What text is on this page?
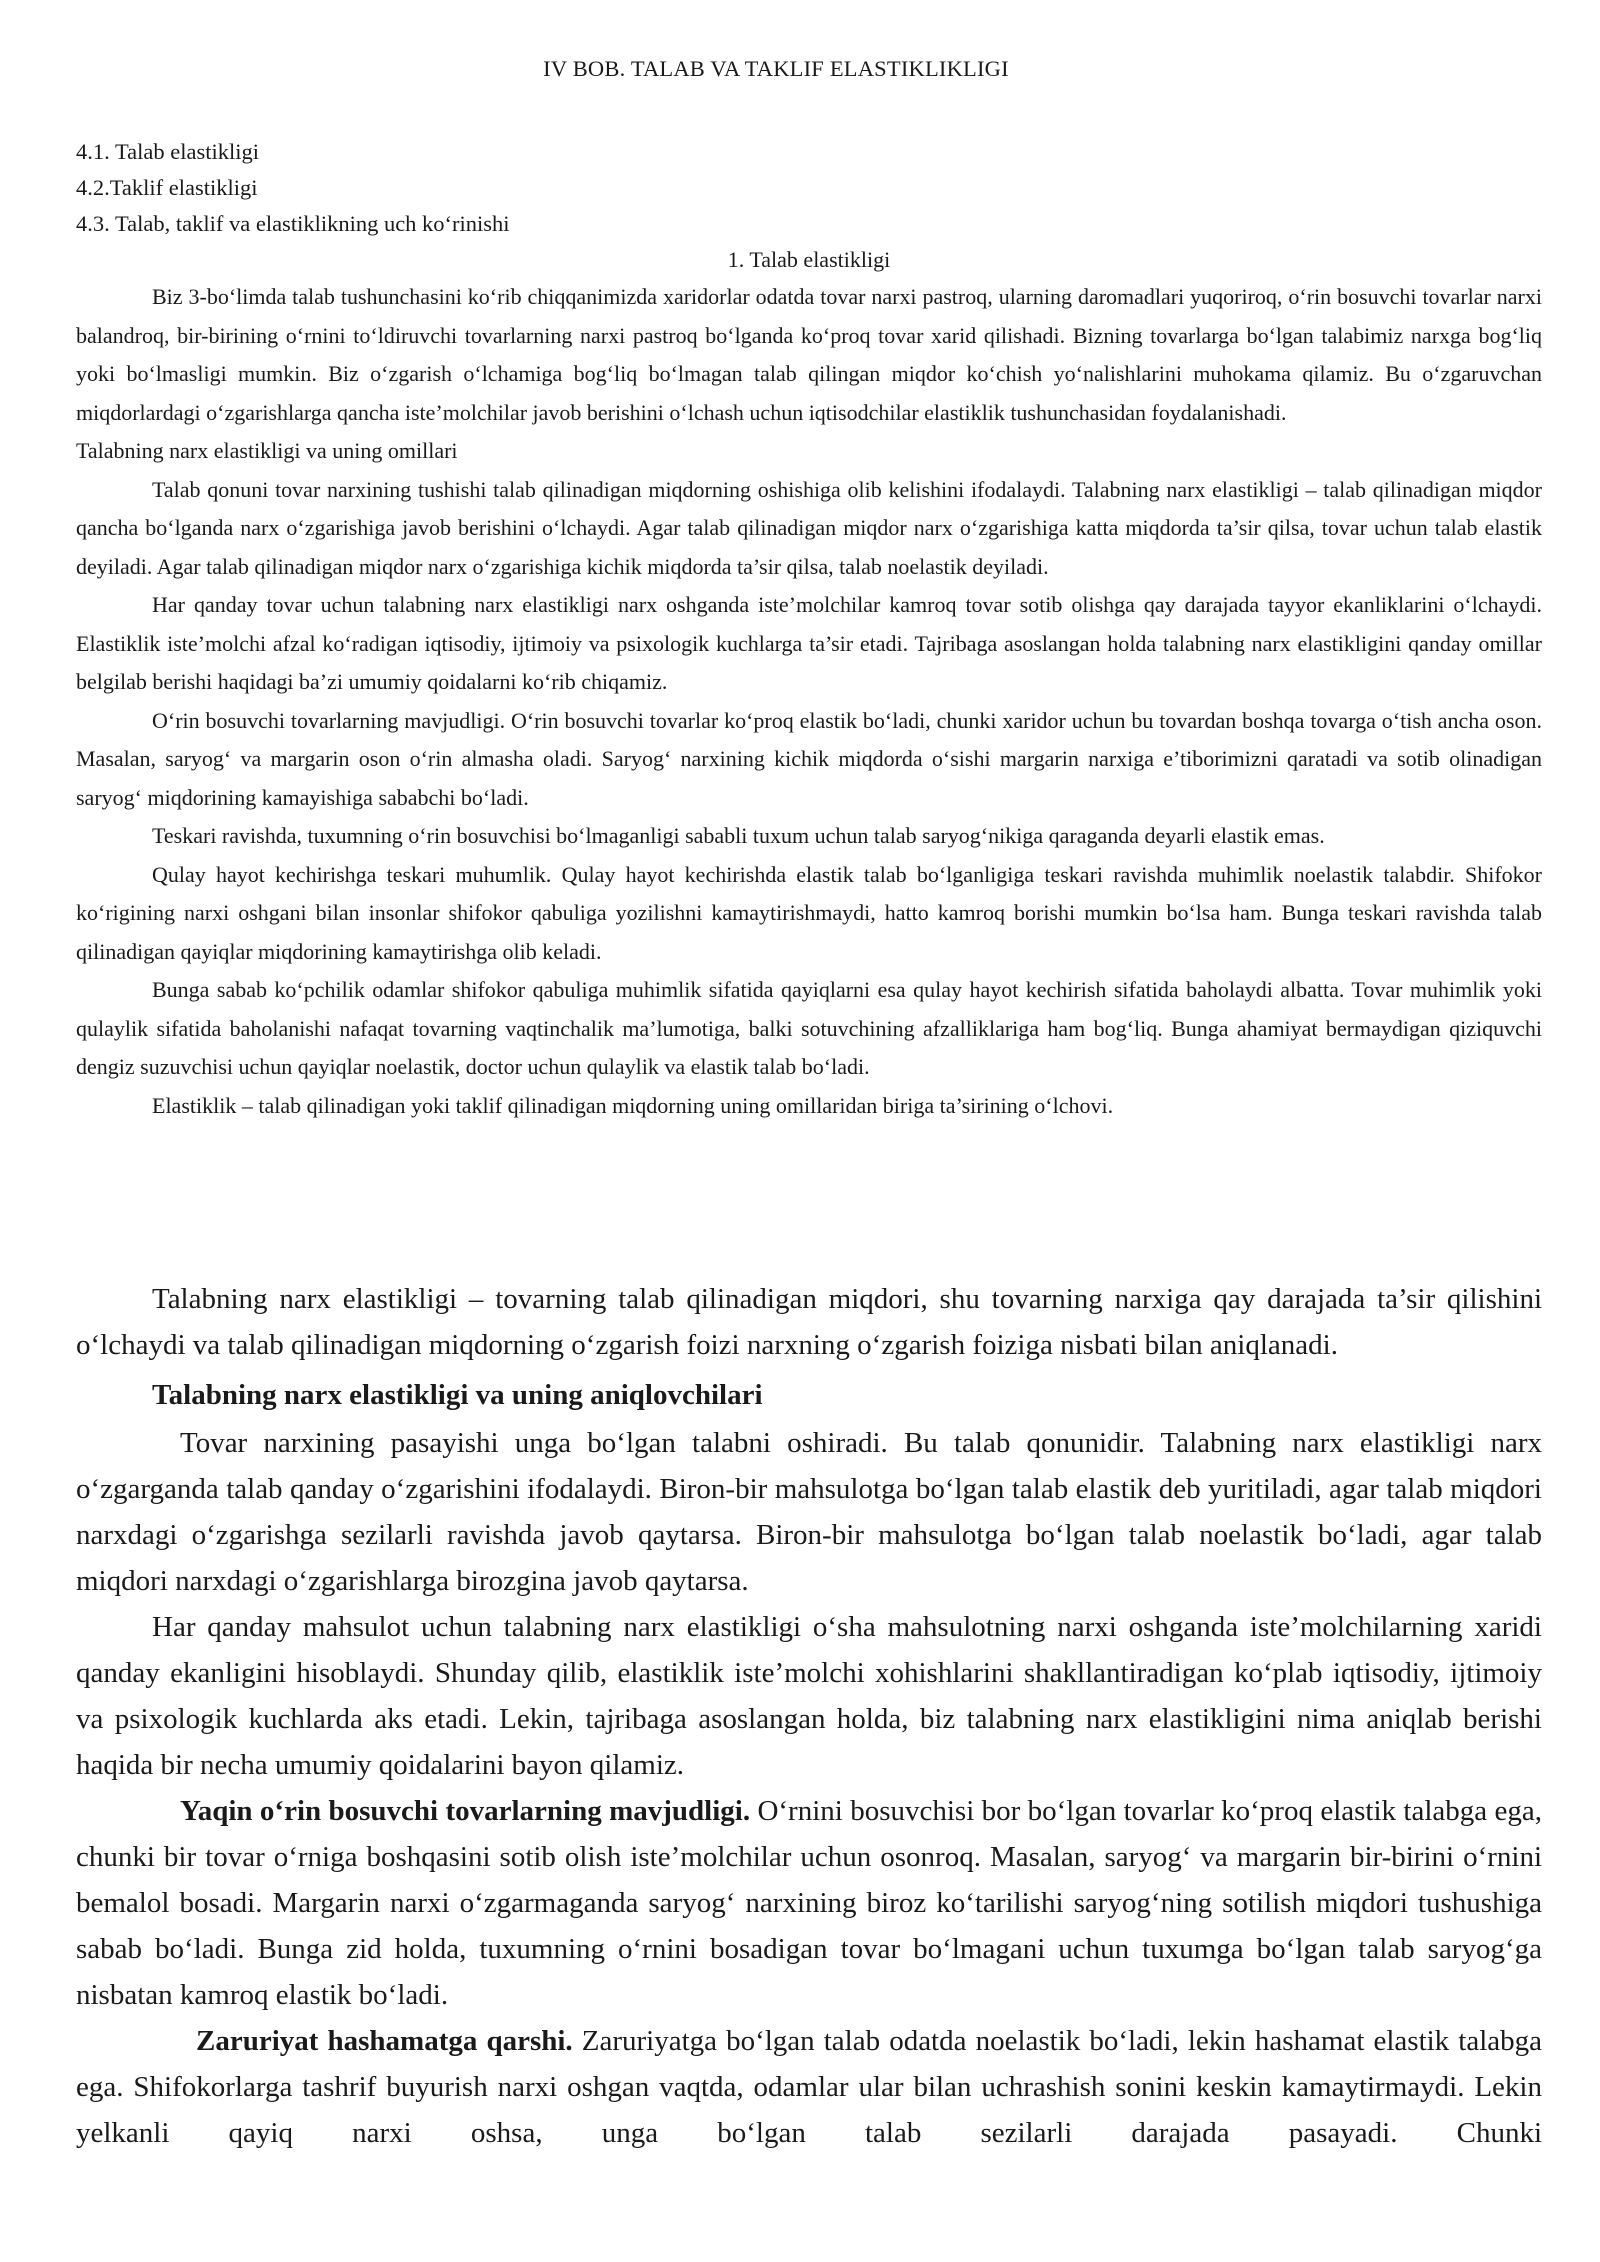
IV BOB. TALAB VA TAKLIF ELASTIKLIKLIGI
4.1. Talab elastikligi
4.2.Taklif elastikligi
4.3. Talab, taklif va elastiklikning uch ko‘rinishi
1. Talab elastikligi

Biz 3-bo‘limda talab tushunchasini ko‘rib chiqqanimizda xaridorlar odatda tovar narxi pastroq, ularning daromadlari yuqoriroq, o‘rin bosuvchi tovarlar narxi balandroq, bir-birining o‘rnini to‘ldiruvchi tovarlarning narxi pastroq bo‘lganda ko‘proq tovar xarid qilishadi. Bizning tovarlarga bo‘lgan talabimiz narxga bog‘liq yoki bo‘lmasligi mumkin. Biz o‘zgarish o‘lchamiga bog‘liq bo‘lmagan talab qilingan miqdor ko‘chish yo‘nalishlarini muhokama qilamiz. Bu o‘zgaruvchan miqdorlardagi o‘zgarishlarga qancha iste’molchilar javob berishini o‘lchash uchun iqtisodchilar elastiklik tushunchasidan foydalanishadi.

Talabning narx elastikligi va uning omillari

Talab qonuni tovar narxining tushishi talab qilinadigan miqdorning oshishiga olib kelishini ifodalaydi. Talabning narx elastikligi – talab qilinadigan miqdor qancha bo‘lganda narx o‘zgarishiga javob berishini o‘lchaydi. Agar talab qilinadigan miqdor narx o‘zgarishiga katta miqdorda ta’sir qilsa, tovar uchun talab elastik deyiladi. Agar talab qilinadigan miqdor narx o‘zgarishiga kichik miqdorda ta’sir qilsa, talab noelastik deyiladi.

Har qanday tovar uchun talabning narx elastikligi narx oshganda iste’molchilar kamroq tovar sotib olishga qay darajada tayyor ekanliklarini o‘lchaydi. Elastiklik iste’molchi afzal ko‘radigan iqtisodiy, ijtimoiy va psixologik kuchlarga ta’sir etadi. Tajribaga asoslangan holda talabning narx elastikligini qanday omillar belgilab berishi haqidagi ba’zi umumiy qoidalarni ko‘rib chiqamiz.

O‘rin bosuvchi tovarlarning mavjudligi. O‘rin bosuvchi tovarlar ko‘proq elastik bo‘ladi, chunki xaridor uchun bu tovardan boshqa tovarga o‘tish ancha oson. Masalan, saryog‘ va margarin oson o‘rin almasha oladi. Saryog‘ narxining kichik miqdorda o‘sishi margarin narxiga e’tiborimizni qaratadi va sotib olinadigan saryog‘ miqdorining kamayishiga sababchi bo‘ladi.

Teskari ravishda, tuxumning o‘rin bosuvchisi bo‘lmaganligi sababli tuxum uchun talab saryog‘nikiga qaraganda deyarli elastik emas.

Qulay hayot kechirishga teskari muhumlik. Qulay hayot kechirishda elastik talab bo‘lganligiga teskari ravishda muhimlik noelastik talabdir. Shifokor ko‘rigining narxi oshgani bilan insonlar shifokor qabuliga yozilishni kamaytirishmaydi, hatto kamroq borishi mumkin bo‘lsa ham. Bunga teskari ravishda talab qilinadigan qayiqlar miqdorining kamaytirishga olib keladi.

Bunga sabab ko‘pchilik odamlar shifokor qabuliga muhimlik sifatida qayiqlarni esa qulay hayot kechirish sifatida baholaydi albatta. Tovar muhimlik yoki qulaylik sifatida baholanishi nafaqat tovarning vaqtinchalik ma’lumotiga, balki sotuvchining afzalliklariga ham bog‘liq. Bunga ahamiyat bermaydigan qiziquvchi dengiz suzuvchisi uchun qayiqlar noelastik, doctor uchun qulaylik va elastik talab bo‘ladi.

Elastiklik – talab qilinadigan yoki taklif qilinadigan miqdorning uning omillaridan biriga ta’sirining o‘lchovi.

Talabning narx elastikligi – tovarning talab qilinadigan miqdori, shu tovarning narxiga qay darajada ta’sir qilishini o‘lchaydi va talab qilinadigan miqdorning o‘zgarish foizi narxning o‘zgarish foiziga nisbati bilan aniqlanadi.

Talabning narx elastikligi va uning aniqlovchilari

Tovar narxining pasayishi unga bo‘lgan talabni oshiradi. Bu talab qonunidir. Talabning narx elastikligi narx o‘zgarganda talab qanday o‘zgarishini ifodalaydi. Biron-bir mahsulotga bo‘lgan talab elastik deb yuritiladi, agar talab miqdori narxdagi o‘zgarishga sezilarli ravishda javob qaytarsa. Biron-bir mahsulotga bo‘lgan talab noelastik bo‘ladi, agar talab miqdori narxdagi o‘zgarishlarga birozgina javob qaytarsa.

Har qanday mahsulot uchun talabning narx elastikligi o‘sha mahsulotning narxi oshganda iste’molchilarning xaridi qanday ekanligini hisoblaydi. Shunday qilib, elastiklik iste’molchi xohishlarini shakllantiradigan ko‘plab iqtisodiy, ijtimoiy va psixologik kuchlarda aks etadi. Lekin, tajribaga asoslangan holda, biz talabning narx elastikligini nima aniqlab berishi haqida bir necha umumiy qoidalarini bayon qilamiz.

Yaqin o‘rin bosuvchi tovarlarning mavjudligi. O‘rnini bosuvchisi bor bo‘lgan tovarlar ko‘proq elastik talabga ega, chunki bir tovar o‘rniga boshqasini sotib olish iste’molchilar uchun osonroq. Masalan, saryog‘ va margarin bir-birini o‘rnini bemalol bosadi. Margarin narxi o‘zgarmaganda saryog‘ narxining biroz ko‘tarilishi saryog‘ning sotilish miqdori tushushiga sabab bo‘ladi. Bunga zid holda, tuxumning o‘rnini bosadigan tovar bo‘lmagani uchun tuxumga bo‘lgan talab saryog‘ga nisbatan kamroq elastik bo‘ladi.

Zaruriyat hashamatga qarshi. Zaruriyatga bo‘lgan talab odatda noelastik bo‘ladi, lekin hashamat elastik talabga ega. Shifokorlarga tashrif buyurish narxi oshgan vaqtda, odamlar ular bilan uchrashish sonini keskin kamaytirmaydi. Lekin yelkanli qayiq narxi oshsa, unga bo‘lgan talab sezilarli darajada pasayadi. Chunki
